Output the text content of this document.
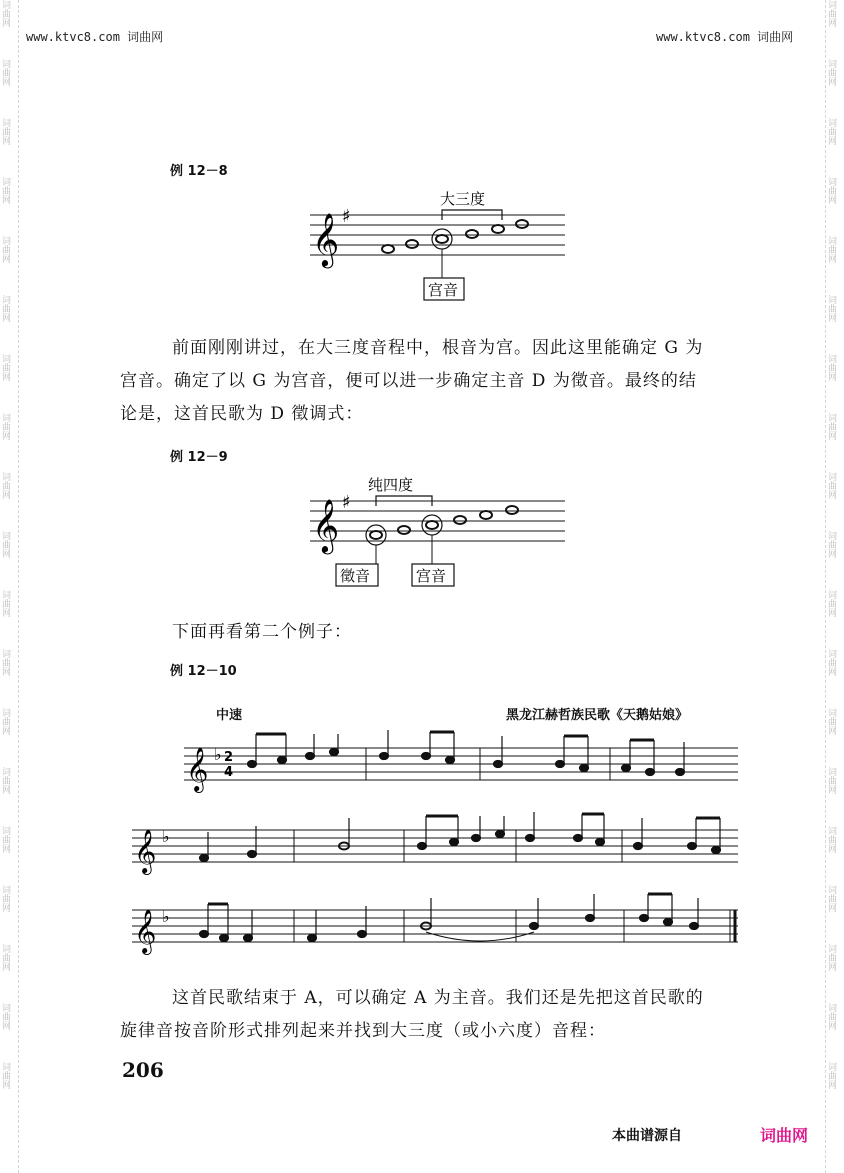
词曲网
词曲网
词曲网
词曲网
词曲网
词曲网
词曲网
词曲网
词曲网
词曲网
词曲网
词曲网
词曲网
词曲网
词曲网
词曲网
词曲网
词曲网
词曲网
词曲网
词曲网
词曲网
词曲网
词曲网
词曲网
词曲网
词曲网
词曲网
词曲网
词曲网
词曲网
词曲网
词曲网
词曲网
词曲网
词曲网
词曲网
词曲网
www.ktvc8.com 词曲网	www.ktvc8.com 词曲网
例 12－8
𝄞 ♯
大三度
宫音

前面刚刚讲过，在大三度音程中，根音为宫。因此这里能确定 G 为

宫音。确定了以 G 为宫音，便可以进一步确定主音 D 为徵音。最终的结

论是，这首民歌为 D 徵调式：

例 12－9
𝄞 ♯
纯四度
徵音	宫音

下面再看第二个例子：

例 12－10
中速	黑龙江赫哲族民歌《天鹅姑娘》
𝄞 ♭ 2
4
𝄞 ♭
𝄞 ♭

这首民歌结束于 A，可以确定 A 为主音。我们还是先把这首民歌的

旋律音按音阶形式排列起来并找到大三度（或小六度）音程：

206
本曲谱源自	词曲网
